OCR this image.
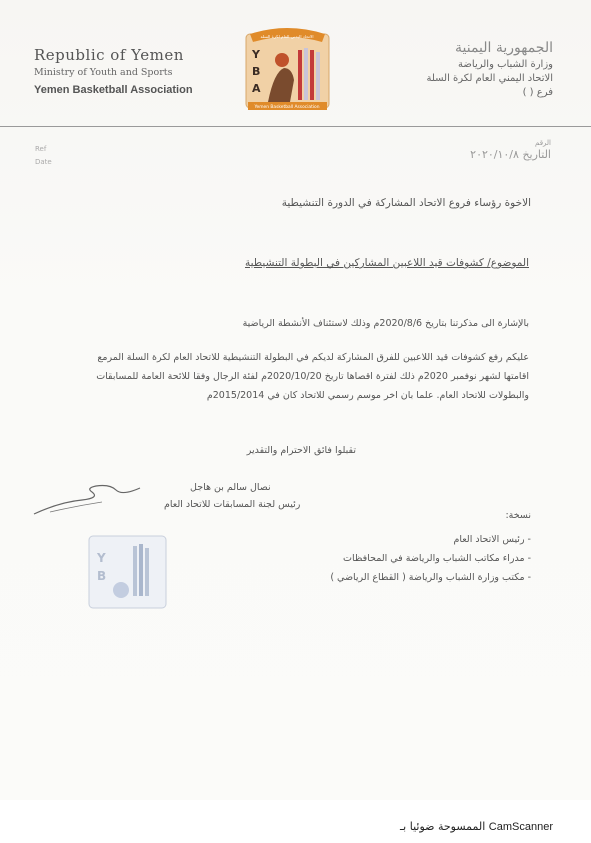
Republic of Yemen
Ministry of Youth and Sports
Yemen Basketball Association
الاتحاد اليمني العام لكرة السلة
Y
B
A
Yemen Basketball Association
الجمهورية اليمنية
وزارة الشباب والرياضة
الاتحاد اليمني العام لكرة السلة
فرع ( )
Ref
Date
الرقم
التاريخ ٢٠٢٠/١٠/٨
الاخوة رؤساء فروع الاتحاد المشاركة في الدورة التنشيطية
الموضوع/ كشوفات قيد اللاعبين المشاركين في البطولة التنشيطية
بالإشارة الى مذكرتنا بتاريخ 2020/8/6م وذلك لاستئناف الأنشطة الرياضية
عليكم رفع كشوفات قيد اللاعبين للفرق المشاركة لديكم في البطولة التنشيطية للاتحاد العام لكرة السلة المرمع اقامتها لشهر نوفمبر 2020م ذلك لفترة اقصاها تاريخ 2020/10/20م لفئة الرجال وفقا للائحة العامة للمسابقات والبطولات للاتحاد العام. علما بان اخر موسم رسمي للاتحاد كان في 2015/2014م
تقبلوا فائق الاحترام والتقدير
نصال سالم بن هاجل
رئيس لجنة المسابقات للاتحاد العام
نسخة:
- رئيس الاتحاد العام
- مدراء مكاتب الشباب والرياضة في المحافظات
- مكتب وزارة الشباب والرياضة ( القطاع الرياضي )
Y
B
الممسوحة ضوئيا بـ CamScanner
